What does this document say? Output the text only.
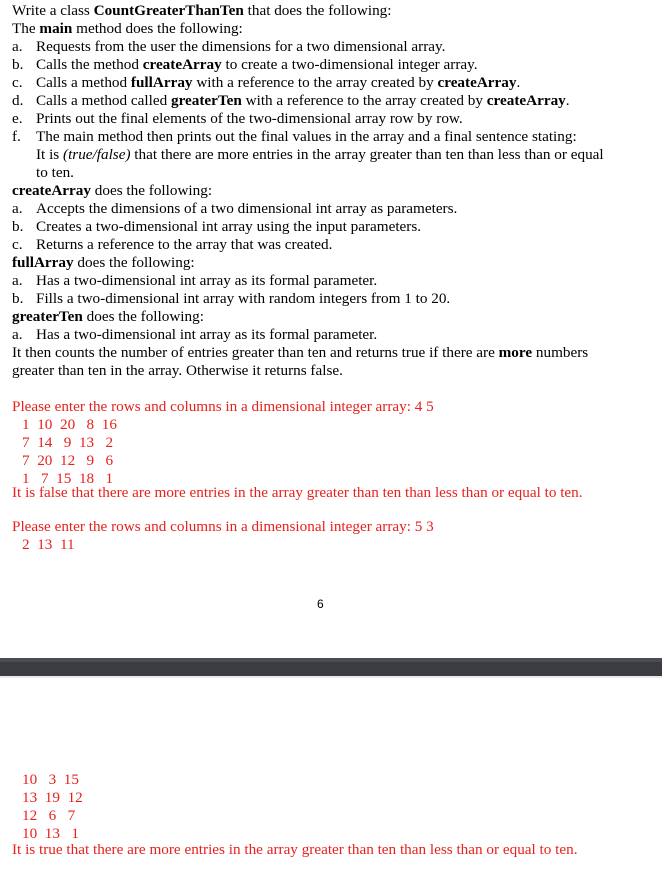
Write a class CountGreaterThanTen that does the following:
The main method does the following:
a. Requests from the user the dimensions for a two dimensional array.
b. Calls the method createArray to create a two-dimensional integer array.
c. Calls a method fullArray with a reference to the array created by createArray.
d. Calls a method called greaterTen with a reference to the array created by createArray.
e. Prints out the final elements of the two-dimensional array row by row.
f. The main method then prints out the final values in the array and a final sentence stating:
It is (true/false) that there are more entries in the array greater than ten than less than or equal
to ten.
createArray does the following:
a. Accepts the dimensions of a two dimensional int array as parameters.
b. Creates a two-dimensional int array using the input parameters.
c. Returns a reference to the array that was created.
fullArray does the following:
a. Has a two-dimensional int array as its formal parameter.
b. Fills a two-dimensional int array with random integers from 1 to 20.
greaterTen does the following:
a. Has a two-dimensional int array as its formal parameter.
It then counts the number of entries greater than ten and returns true if there are more numbers
greater than ten in the array. Otherwise it returns false.
Please enter the rows and columns in a dimensional integer array: 4 5
1  10  20   8  16
7  14   9  13   2
7  20  12   9   6
1   7  15  18   1
It is false that there are more entries in the array greater than ten than less than or equal to ten.
Please enter the rows and columns in a dimensional integer array: 5 3
2  13  11
6
10   3  15
13  19  12
12   6   7
10  13   1
It is true that there are more entries in the array greater than ten than less than or equal to ten.
